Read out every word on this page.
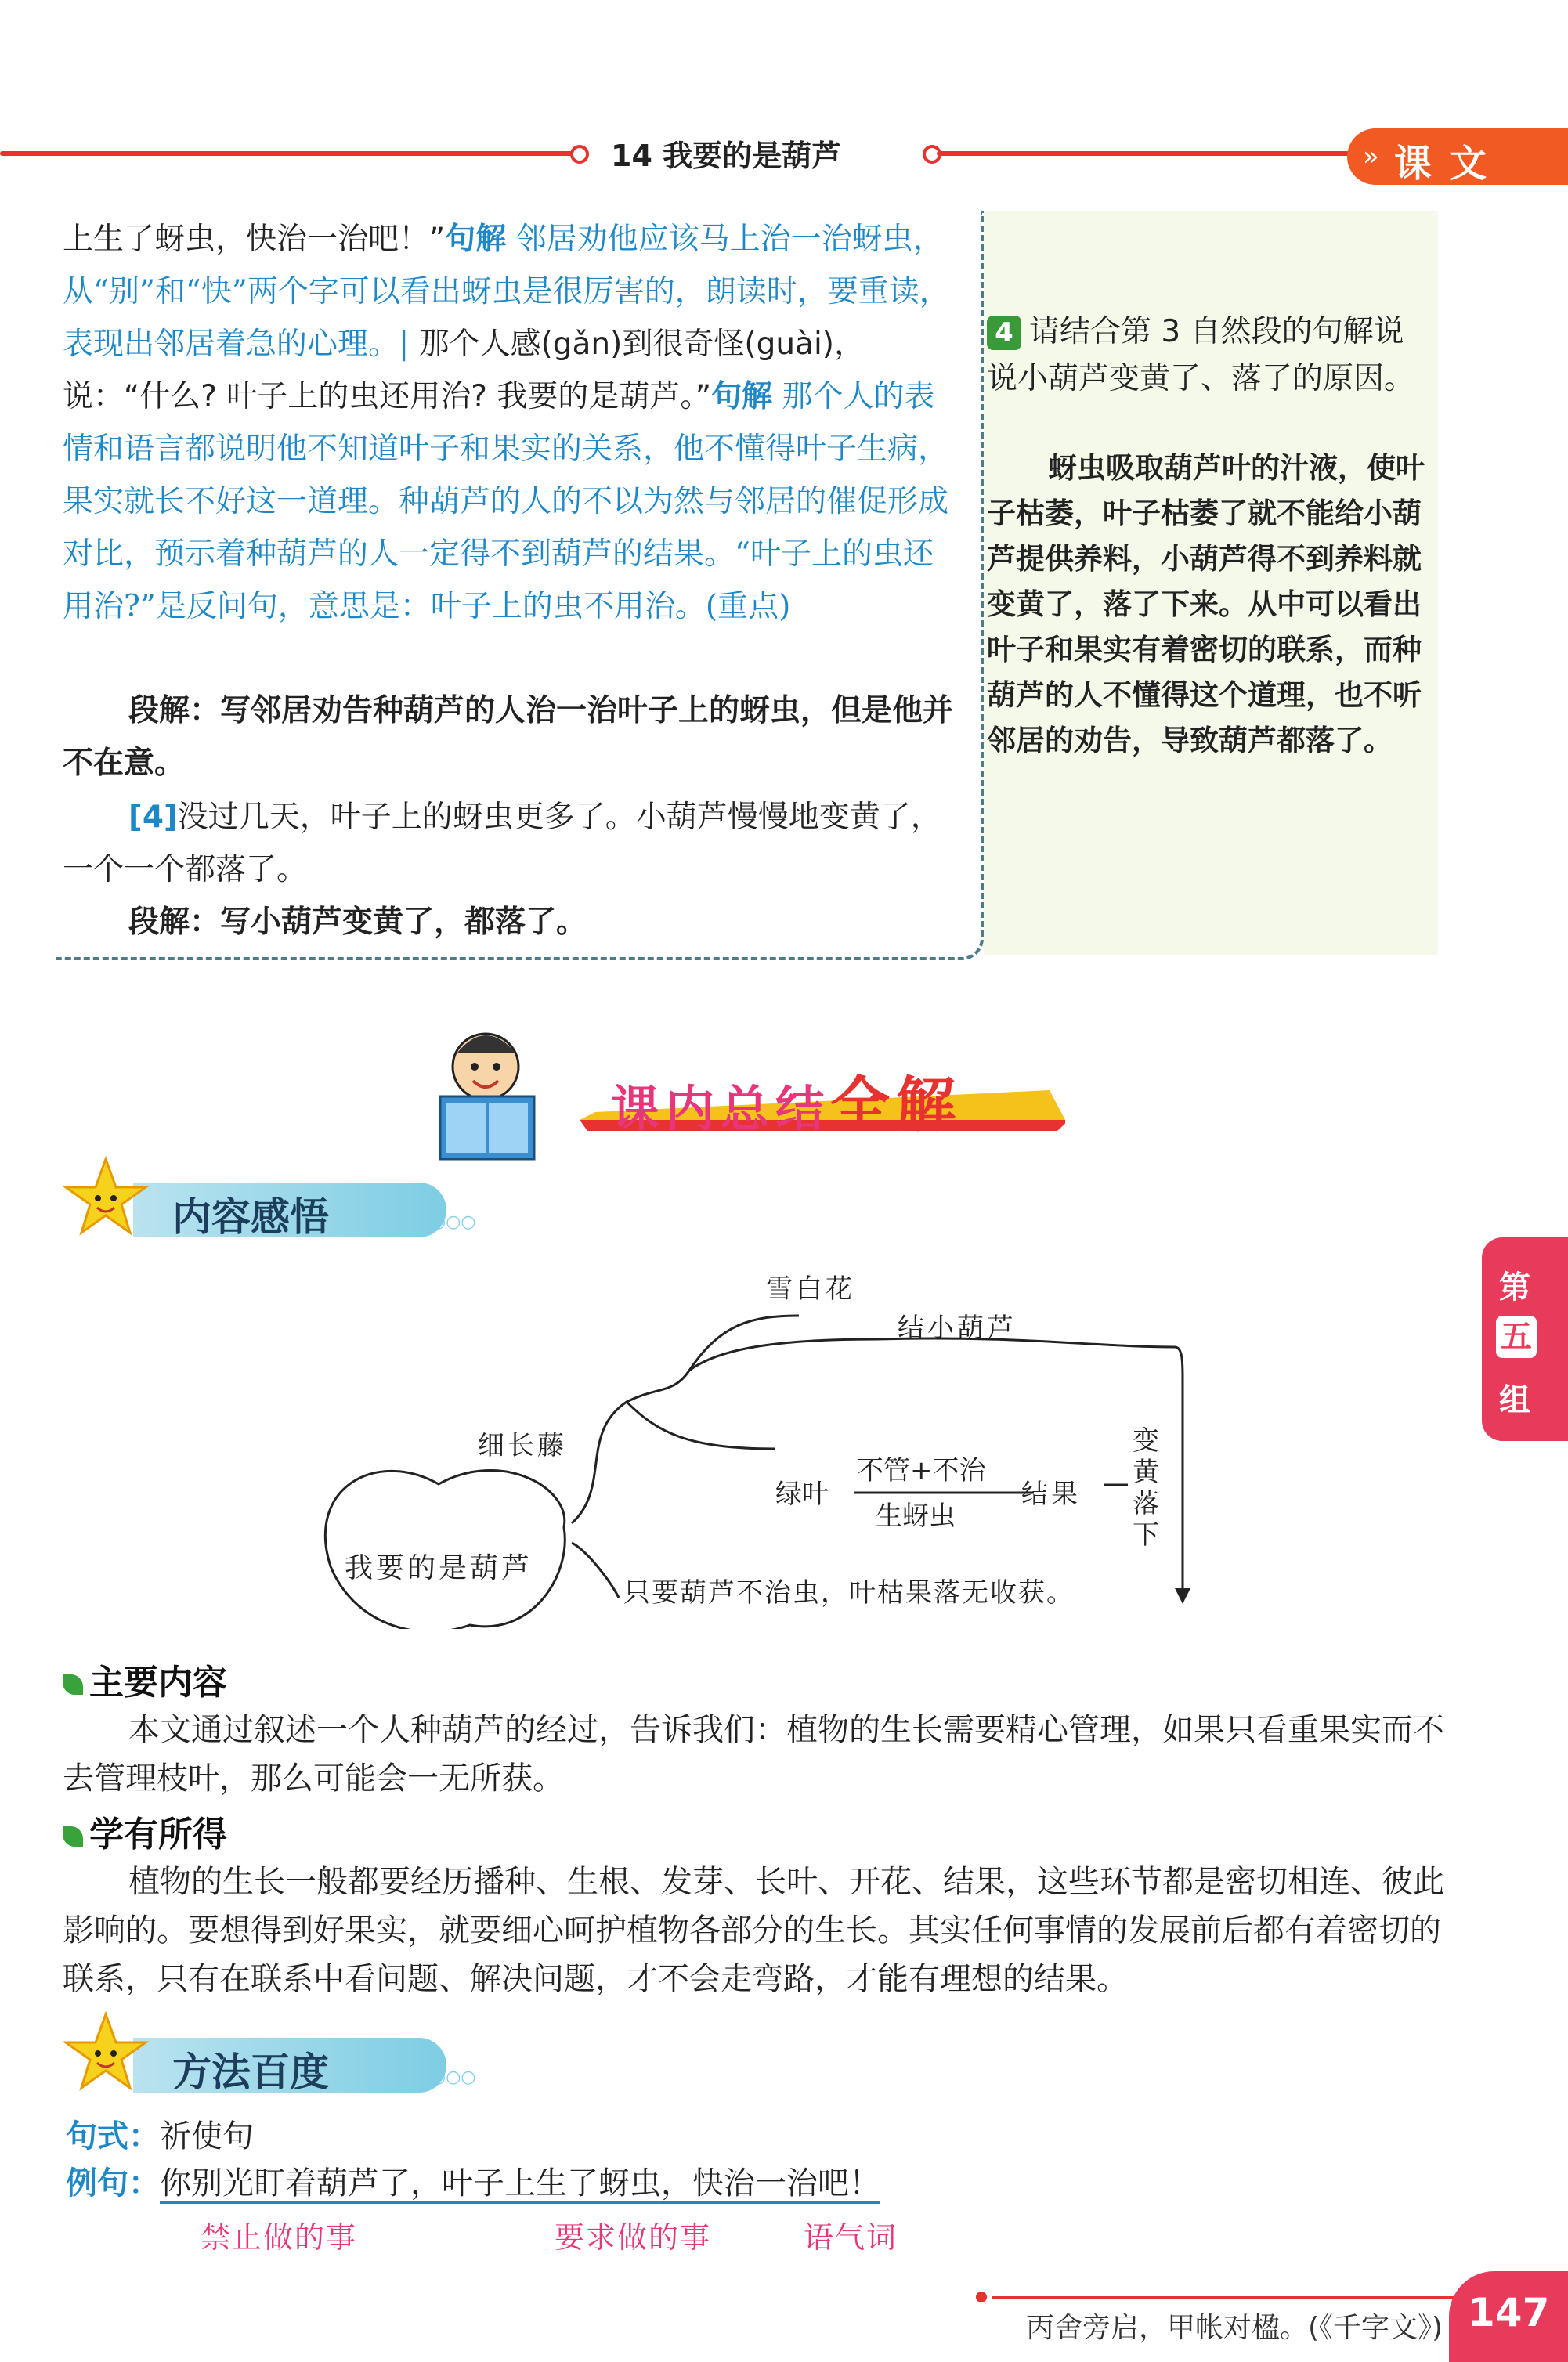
14 我要的是葫芦	» 课文
上生了蚜虫，快治一治吧！”句解 邻居劝他应该马上治一治蚜虫，从“别”和“快”两个字可以看出蚜虫是很厉害的，朗读时，要重读，表现出邻居着急的心理。| 那个人感(gǎn)到很奇怪(guài)，说：“什么? 叶子上的虫还用治? 我要的是葫芦。”句解 那个人的表情和语言都说明他不知道叶子和果实的关系，他不懂得叶子生病，果实就长不好这一道理。种葫芦的人的不以为然与邻居的催促形成对比，预示着种葫芦的人一定得不到葫芦的结果。“叶子上的虫还用治?”是反问句，意思是：叶子上的虫不用治。(重点)
段解：写邻居劝告种葫芦的人治一治叶子上的蚜虫，但是他并不在意。
[4]没过几天，叶子上的蚜虫更多了。小葫芦慢慢地变黄了，一个一个都落了。
段解：写小葫芦变黄了，都落了。
4 请结合第 3 自然段的句解说说小葫芦变黄了、落了的原因。
蚜虫吸取葫芦叶的汁液，使叶子枯萎，叶子枯萎了就不能给小葫芦提供养料，小葫芦得不到养料就变黄了，落了下来。从中可以看出叶子和果实有着密切的联系，而种葫芦的人不懂得这个道理，也不听邻居的劝告，导致葫芦都落了。
课内总结全解
内容感悟	○○○
我要的是葫芦
细长藤
雪白花
结小葫芦
绿叶
不管+不治
生蚜虫
结果
变黄落下
只要葫芦不治虫，叶枯果落无收获。
主要内容
本文通过叙述一个人种葫芦的经过，告诉我们：植物的生长需要精心管理，如果只看重果实而不去管理枝叶，那么可能会一无所获。
学有所得
植物的生长一般都要经历播种、生根、发芽、长叶、开花、结果，这些环节都是密切相连、彼此影响的。要想得到好果实，就要细心呵护植物各部分的生长。其实任何事情的发展前后都有着密切的联系，只有在联系中看问题、解决问题，才不会走弯路，才能有理想的结果。
方法百度	○○○
句式：祈使句
例句：你别光盯着葫芦了，叶子上生了蚜虫，快治一治吧！
禁止做的事	要求做的事	语气词
第
五
组
丙舍旁启，甲帐对楹。(《千字文》) 147
